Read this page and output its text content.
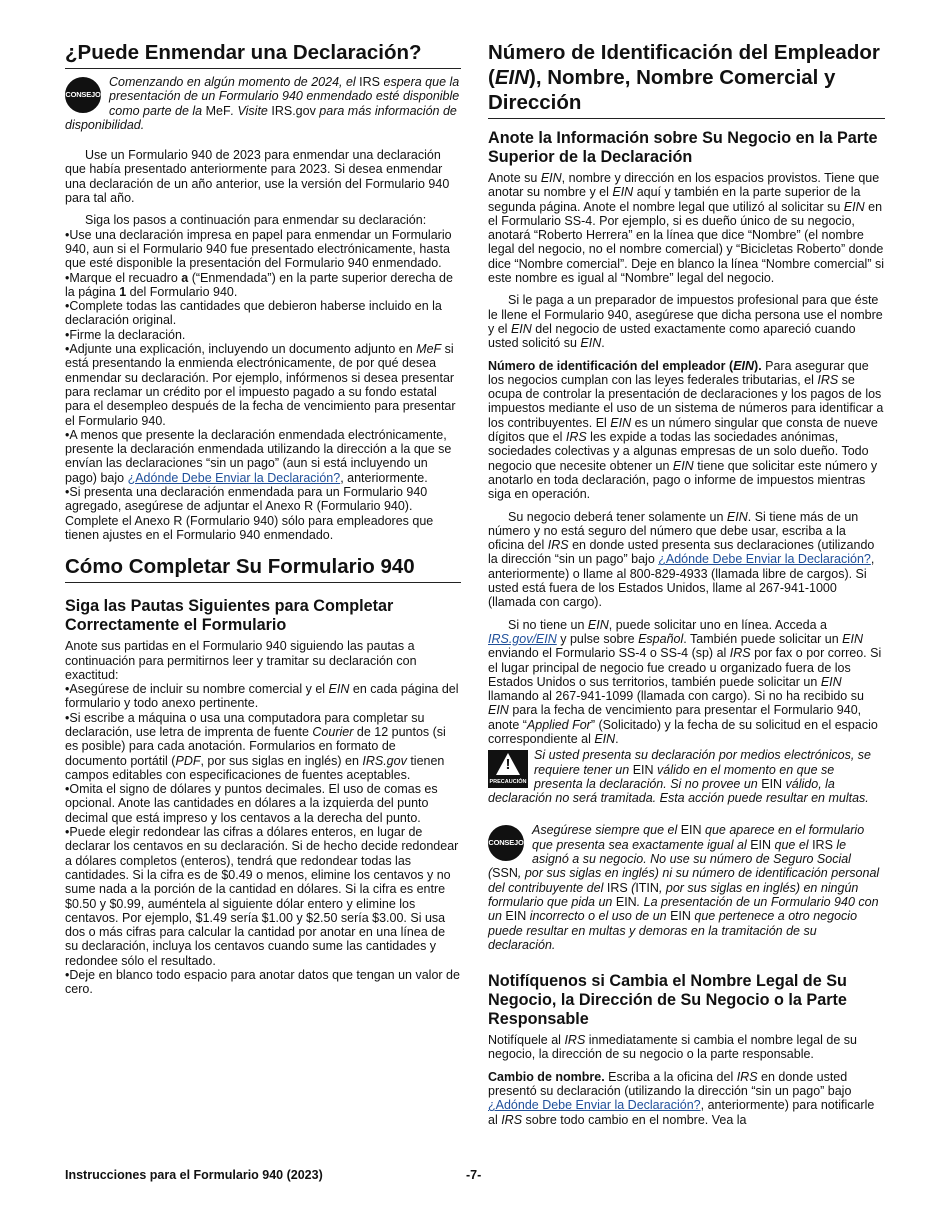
¿Puede Enmendar una Declaración?
CONSEJO

Comenzando en algún momento de 2024, el IRS espera que la presentación de un Formulario 940 enmendado esté disponible como parte de la MeF. Visite IRS.gov para más información de disponibilidad.

Use un Formulario 940 de 2023 para enmendar una declaración que había presentado anteriormente para 2023. Si desea enmendar una declaración de un año anterior, use la versión del Formulario 940 para tal año.

Siga los pasos a continuación para enmendar su declaración:

• Use una declaración impresa en papel para enmendar un Formulario 940, aun si el Formulario 940 fue presentado electrónicamente, hasta que esté disponible la presentación del Formulario 940 enmendado.

• Marque el recuadro a (“Enmendada”) en la parte superior derecha de la página 1 del Formulario 940.

• Complete todas las cantidades que debieron haberse incluido en la declaración original.

• Firme la declaración.

• Adjunte una explicación, incluyendo un documento adjunto en MeF si está presentando la enmienda electrónicamente, de por qué desea enmendar su declaración. Por ejemplo, infórmenos si desea presentar para reclamar un crédito por el impuesto pagado a su fondo estatal para el desempleo después de la fecha de vencimiento para presentar el Formulario 940.

• A menos que presente la declaración enmendada electrónicamente, presente la declaración enmendada utilizando la dirección a la que se envían las declaraciones “sin un pago” (aun si está incluyendo un pago) bajo ¿Adónde Debe Enviar la Declaración?, anteriormente.

• Si presenta una declaración enmendada para un Formulario 940 agregado, asegúrese de adjuntar el Anexo R (Formulario 940). Complete el Anexo R (Formulario 940) sólo para empleadores que tienen ajustes en el Formulario 940 enmendado.

Cómo Completar Su Formulario 940
Siga las Pautas Siguientes para Completar Correctamente el Formulario

Anote sus partidas en el Formulario 940 siguiendo las pautas a continuación para permitirnos leer y tramitar su declaración con exactitud:

• Asegúrese de incluir su nombre comercial y el EIN en cada página del formulario y todo anexo pertinente.

• Si escribe a máquina o usa una computadora para completar su declaración, use letra de imprenta de fuente Courier de 12 puntos (si es posible) para cada anotación. Formularios en formato de documento portátil (PDF, por sus siglas en inglés) en IRS.gov tienen campos editables con especificaciones de fuentes aceptables.

• Omita el signo de dólares y puntos decimales. El uso de comas es opcional. Anote las cantidades en dólares a la izquierda del punto decimal que está impreso y los centavos a la derecha del punto.

• Puede elegir redondear las cifras a dólares enteros, en lugar de declarar los centavos en su declaración. Si de hecho decide redondear a dólares completos (enteros), tendrá que redondear todas las cantidades. Si la cifra es de $0.49 o menos, elimine los centavos y no sume nada a la porción de la cantidad en dólares. Si la cifra es entre $0.50 y $0.99, auméntela al siguiente dólar entero y elimine los centavos. Por ejemplo, $1.49 sería $1.00 y $2.50 sería $3.00. Si usa dos o más cifras para calcular la cantidad por anotar en una línea de su declaración, incluya los centavos cuando sume las cantidades y redondee sólo el resultado.

• Deje en blanco todo espacio para anotar datos que tengan un valor de cero.

Número de Identificación del Empleador (EIN), Nombre, Nombre Comercial y Dirección
Anote la Información sobre Su Negocio en la Parte Superior de la Declaración

Anote su EIN, nombre y dirección en los espacios provistos. Tiene que anotar su nombre y el EIN aquí y también en la parte superior de la segunda página. Anote el nombre legal que utilizó al solicitar su EIN en el Formulario SS-4. Por ejemplo, si es dueño único de su negocio, anotará “Roberto Herrera” en la línea que dice “Nombre” (el nombre legal del negocio, no el nombre comercial) y “Bicicletas Roberto” donde dice “Nombre comercial”. Deje en blanco la línea “Nombre comercial” si este nombre es igual al “Nombre” legal del negocio.

Si le paga a un preparador de impuestos profesional para que éste le llene el Formulario 940, asegúrese que dicha persona use el nombre y el EIN del negocio de usted exactamente como apareció cuando usted solicitó su EIN.

Número de identificación del empleador (EIN). Para asegurar que los negocios cumplan con las leyes federales tributarias, el IRS se ocupa de controlar la presentación de declaraciones y los pagos de los impuestos mediante el uso de un sistema de números para identificar a los contribuyentes. El EIN es un número singular que consta de nueve dígitos que el IRS les expide a todas las sociedades anónimas, sociedades colectivas y a algunas empresas de un solo dueño. Todo negocio que necesite obtener un EIN tiene que solicitar este número y anotarlo en toda declaración, pago o informe de impuestos mientras siga en operación.

Su negocio deberá tener solamente un EIN. Si tiene más de un número y no está seguro del número que debe usar, escriba a la oficina del IRS en donde usted presenta sus declaraciones (utilizando la dirección “sin un pago” bajo ¿Adónde Debe Enviar la Declaración?, anteriormente) o llame al 800-829-4933 (llamada libre de cargos). Si usted está fuera de los Estados Unidos, llame al 267-941-1000 (llamada con cargo).

Si no tiene un EIN, puede solicitar uno en línea. Acceda a IRS.gov/EIN y pulse sobre Español. También puede solicitar un EIN enviando el Formulario SS-4 o SS-4 (sp) al IRS por fax o por correo. Si el lugar principal de negocio fue creado u organizado fuera de los Estados Unidos o sus territorios, también puede solicitar un EIN llamando al 267-941-1099 (llamada con cargo). Si no ha recibido su EIN para la fecha de vencimiento para presentar el Formulario 940, anote “Applied For” (Solicitado) y la fecha de su solicitud en el espacio correspondiente al EIN.

!
PRECAUCIÓN

Si usted presenta su declaración por medios electrónicos, se requiere tener un EIN válido en el momento en que se presenta la declaración. Si no provee un EIN válido, la declaración no será tramitada. Esta acción puede resultar en multas.

CONSEJO

Asegúrese siempre que el EIN que aparece en el formulario que presenta sea exactamente igual al EIN que el IRS le asignó a su negocio. No use su número de Seguro Social (SSN, por sus siglas en inglés) ni su número de identificación personal del contribuyente del IRS (ITIN, por sus siglas en inglés) en ningún formulario que pida un EIN. La presentación de un Formulario 940 con un EIN incorrecto o el uso de un EIN que pertenece a otro negocio puede resultar en multas y demoras en la tramitación de su declaración.

Notifíquenos si Cambia el Nombre Legal de Su Negocio, la Dirección de Su Negocio o la Parte Responsable

Notifíquele al IRS inmediatamente si cambia el nombre legal de su negocio, la dirección de su negocio o la parte responsable.

Cambio de nombre. Escriba a la oficina del IRS en donde usted presentó su declaración (utilizando la dirección “sin un pago” bajo ¿Adónde Debe Enviar la Declaración?, anteriormente) para notificarle al IRS sobre todo cambio en el nombre. Vea la

Instrucciones para el Formulario 940 (2023)	-7-
